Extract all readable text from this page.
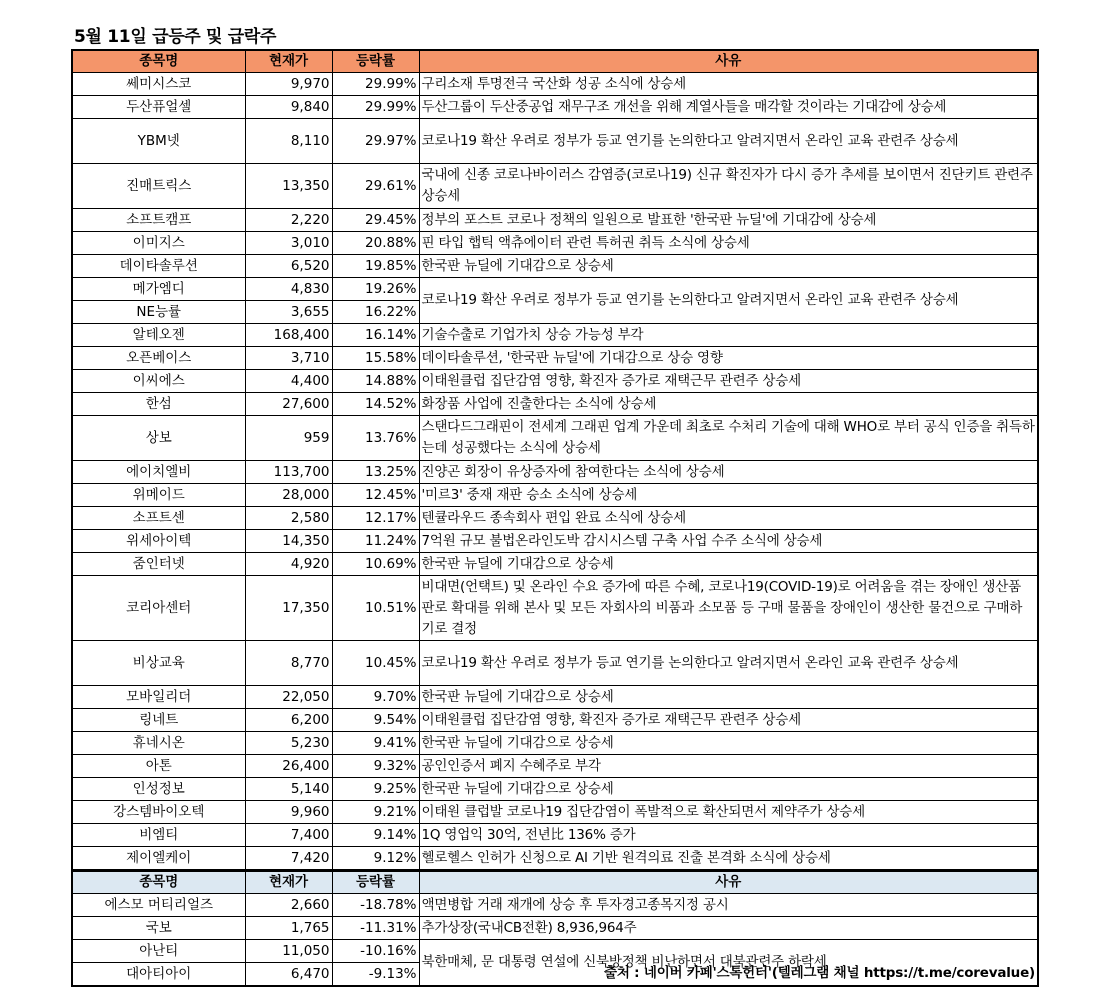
5월 11일 급등주 및 급락주
종목명	현재가	등락률	사유
쎄미시스코	9,970	29.99%	구리소재 투명전극 국산화 성공 소식에 상승세
두산퓨얼셀	9,840	29.99%	두산그룹이 두산중공업 재무구조 개선을 위해 계열사들을 매각할 것이라는 기대감에 상승세
YBM넷	8,110	29.97%	코로나19 확산 우려로 정부가 등교 연기를 논의한다고 알려지면서 온라인 교육 관련주 상승세
진매트릭스	13,350	29.61%	국내에 신종 코로나바이러스 감염증(코로나19) 신규 확진자가 다시 증가 추세를 보이면서 진단키트 관련주 상승세
소프트캠프	2,220	29.45%	정부의 포스트 코로나 정책의 일원으로 발표한 '한국판 뉴딜'에 기대감에 상승세
이미지스	3,010	20.88%	핀 타입 햅틱 액츄에이터 관련 특허권 취득 소식에 상승세
데이타솔루션	6,520	19.85%	한국판 뉴딜에 기대감으로 상승세
메가엠디	4,830	19.26%	코로나19 확산 우려로 정부가 등교 연기를 논의한다고 알려지면서 온라인 교육 관련주 상승세
NE능률	3,655	16.22%	
알테오젠	168,400	16.14%	기술수출로 기업가치 상승 가능성 부각
오픈베이스	3,710	15.58%	데이타솔루션, '한국판 뉴딜'에 기대감으로 상승 영향
이씨에스	4,400	14.88%	이태원클럽 집단감염 영향, 확진자 증가로 재택근무 관련주 상승세
한섬	27,600	14.52%	화장품 사업에 진출한다는 소식에 상승세
상보	959	13.76%	스탠다드그래핀이 전세계 그래핀 업계 가운데 최초로 수처리 기술에 대해 WHO로 부터 공식 인증을 취득하는데 성공했다는 소식에 상승세
에이치엘비	113,700	13.25%	진양곤 회장이 유상증자에 참여한다는 소식에 상승세
위메이드	28,000	12.45%	'미르3' 중재 재판 승소 소식에 상승세
소프트센	2,580	12.17%	텐큘라우드 종속회사 편입 완료 소식에 상승세
위세아이텍	14,350	11.24%	7억원 규모 불법온라인도박 감시시스템 구축 사업 수주 소식에 상승세
줌인터넷	4,920	10.69%	한국판 뉴딜에 기대감으로 상승세
코리아센터	17,350	10.51%	비대면(언택트) 및 온라인 수요 증가에 따른 수혜, 코로나19(COVID-19)로 어려움을 겪는 장애인 생산품 판로 확대를 위해 본사 및 모든 자회사의 비품과 소모품 등 구매 물품을 장애인이 생산한 물건으로 구매하기로 결정
비상교육	8,770	10.45%	코로나19 확산 우려로 정부가 등교 연기를 논의한다고 알려지면서 온라인 교육 관련주 상승세
모바일리더	22,050	9.70%	한국판 뉴딜에 기대감으로 상승세
링네트	6,200	9.54%	이태원클럽 집단감염 영향, 확진자 증가로 재택근무 관련주 상승세
휴네시온	5,230	9.41%	한국판 뉴딜에 기대감으로 상승세
아톤	26,400	9.32%	공인인증서 폐지 수혜주로 부각
인성정보	5,140	9.25%	한국판 뉴딜에 기대감으로 상승세
강스템바이오텍	9,960	9.21%	이태원 클럽발 코로나19 집단감염이 폭발적으로 확산되면서 제약주가 상승세
비엠티	7,400	9.14%	1Q 영업익 30억, 전년比 136% 증가
제이엘케이	7,420	9.12%	헬로헬스 인허가 신청으로 AI 기반 원격의료 진출 본격화 소식에 상승세
종목명	현재가	등락률	사유
에스모 머티리얼즈	2,660	-18.78%	액면병합 거래 재개에 상승 후 투자경고종목지정 공시
국보	1,765	-11.31%	추가상장(국내CB전환) 8,936,964주
아난티	11,050	-10.16%	북한매체, 문 대통령 연설에 신북방정책 비난하면서 대북관련주 하락세
대아티아이	6,470	-9.13%		출처 : 네이버 카페'스톡헌터'(텔레그램 채널 https://t.me/corevalue)
